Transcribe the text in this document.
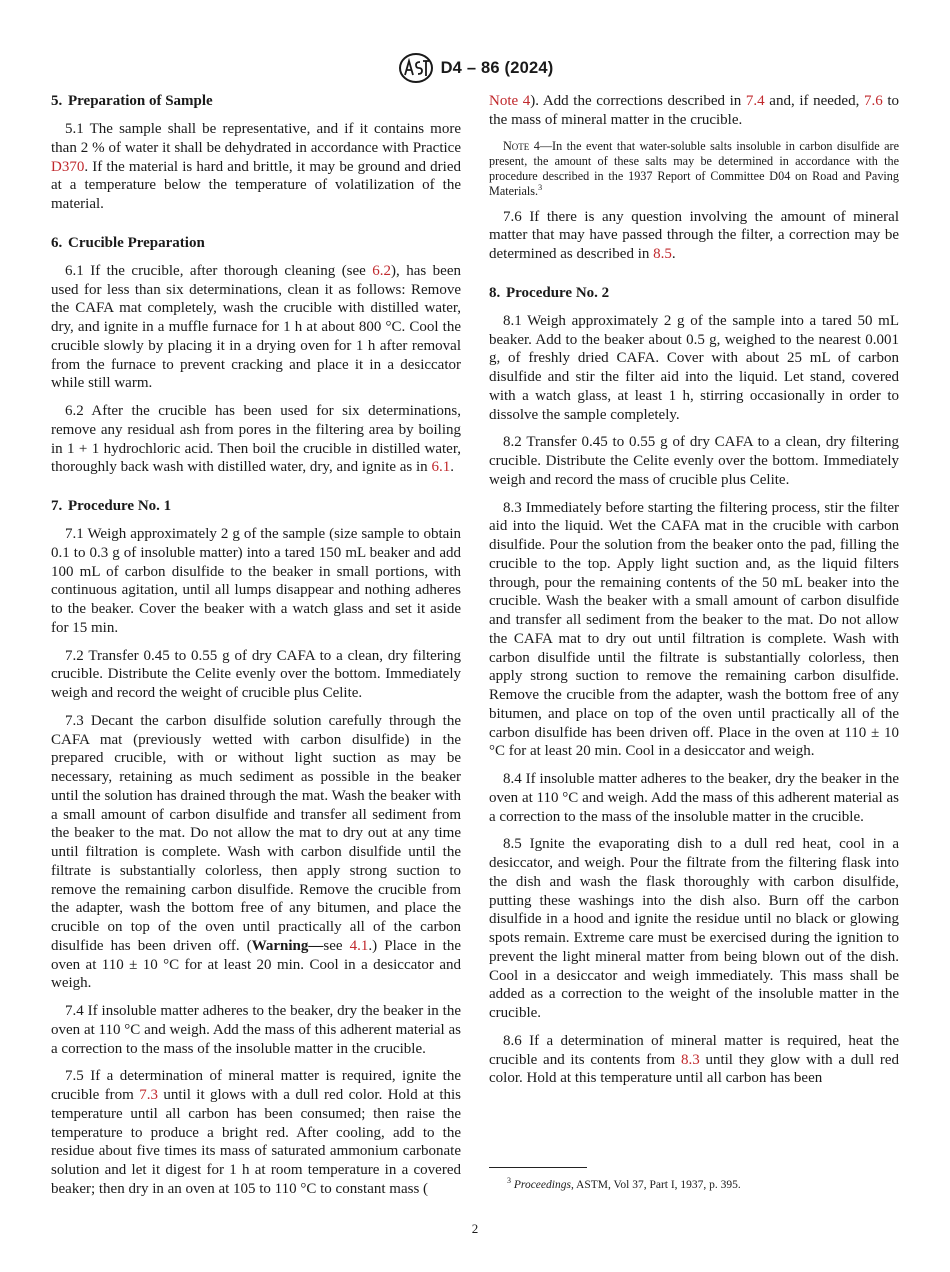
D4 – 86 (2024)
5. Preparation of Sample

5.1 The sample shall be representative, and if it contains more than 2 % of water it shall be dehydrated in accordance with Practice D370. If the material is hard and brittle, it may be ground and dried at a temperature below the temperature of volatilization of the material.

6. Crucible Preparation

6.1 If the crucible, after thorough cleaning (see 6.2), has been used for less than six determinations, clean it as follows: Remove the CAFA mat completely, wash the crucible with distilled water, dry, and ignite in a muffle furnace for 1 h at about 800 °C. Cool the crucible slowly by placing it in a drying oven for 1 h after removal from the furnace to prevent cracking and place it in a desiccator while still warm.

6.2 After the crucible has been used for six determinations, remove any residual ash from pores in the filtering area by boiling in 1 + 1 hydrochloric acid. Then boil the crucible in distilled water, thoroughly back wash with distilled water, dry, and ignite as in 6.1.

7. Procedure No. 1

7.1 Weigh approximately 2 g of the sample (size sample to obtain 0.1 to 0.3 g of insoluble matter) into a tared 150 mL beaker and add 100 mL of carbon disulfide to the beaker in small portions, with continuous agitation, until all lumps disappear and nothing adheres to the beaker. Cover the beaker with a watch glass and set it aside for 15 min.

7.2 Transfer 0.45 to 0.55 g of dry CAFA to a clean, dry filtering crucible. Distribute the Celite evenly over the bottom. Immediately weigh and record the weight of crucible plus Celite.

7.3 Decant the carbon disulfide solution carefully through the CAFA mat (previously wetted with carbon disulfide) in the prepared crucible, with or without light suction as may be necessary, retaining as much sediment as possible in the beaker until the solution has drained through the mat. Wash the beaker with a small amount of carbon disulfide and transfer all sediment from the beaker to the mat. Do not allow the mat to dry out at any time until filtration is complete. Wash with carbon disulfide until the filtrate is substantially colorless, then apply strong suction to remove the remaining carbon disulfide. Remove the crucible from the adapter, wash the bottom free of any bitumen, and place the crucible on top of the oven until practically all of the carbon disulfide has been driven off. (Warning—see 4.1.) Place in the oven at 110 ± 10 °C for at least 20 min. Cool in a desiccator and weigh.

7.4 If insoluble matter adheres to the beaker, dry the beaker in the oven at 110 °C and weigh. Add the mass of this adherent material as a correction to the mass of the insoluble matter in the crucible.

7.5 If a determination of mineral matter is required, ignite the crucible from 7.3 until it glows with a dull red color. Hold at this temperature until all carbon has been consumed; then raise the temperature to produce a bright red. After cooling, add to the residue about five times its mass of saturated ammonium carbonate solution and let it digest for 1 h at room temperature in a covered beaker; then dry in an oven at 105 to 110 °C to constant mass (

Note 4). Add the corrections described in 7.4 and, if needed, 7.6 to the mass of mineral matter in the crucible.

Note 4—In the event that water-soluble salts insoluble in carbon disulfide are present, the amount of these salts may be determined in accordance with the procedure described in the 1937 Report of Committee D04 on Road and Paving Materials.$^3$

7.6 If there is any question involving the amount of mineral matter that may have passed through the filter, a correction may be determined as described in 8.5.

8. Procedure No. 2

8.1 Weigh approximately 2 g of the sample into a tared 50 mL beaker. Add to the beaker about 0.5 g, weighed to the nearest 0.001 g, of freshly dried CAFA. Cover with about 25 mL of carbon disulfide and stir the filter aid into the liquid. Let stand, covered with a watch glass, at least 1 h, stirring occasionally in order to dissolve the sample completely.

8.2 Transfer 0.45 to 0.55 g of dry CAFA to a clean, dry filtering crucible. Distribute the Celite evenly over the bottom. Immediately weigh and record the mass of crucible plus Celite.

8.3 Immediately before starting the filtering process, stir the filter aid into the liquid. Wet the CAFA mat in the crucible with carbon disulfide. Pour the solution from the beaker onto the pad, filling the crucible to the top. Apply light suction and, as the liquid filters through, pour the remaining contents of the 50 mL beaker into the crucible. Wash the beaker with a small amount of carbon disulfide and transfer all sediment from the beaker to the mat. Do not allow the CAFA mat to dry out until filtration is complete. Wash with carbon disulfide until the filtrate is substantially colorless, then apply strong suction to remove the remaining carbon disulfide. Remove the crucible from the adapter, wash the bottom free of any bitumen, and place on top of the oven until practically all of the carbon disulfide has been driven off. Place in the oven at 110 ± 10 °C for at least 20 min. Cool in a desiccator and weigh.

8.4 If insoluble matter adheres to the beaker, dry the beaker in the oven at 110 °C and weigh. Add the mass of this adherent material as a correction to the mass of the insoluble matter in the crucible.

8.5 Ignite the evaporating dish to a dull red heat, cool in a desiccator, and weigh. Pour the filtrate from the filtering flask into the dish and wash the flask thoroughly with carbon disulfide, putting these washings into the dish also. Burn off the carbon disulfide in a hood and ignite the residue until no black or glowing spots remain. Extreme care must be exercised during the ignition to prevent the light mineral matter from being blown out of the dish. Cool in a desiccator and weigh immediately. This mass shall be added as a correction to the weight of the insoluble matter in the crucible.

8.6 If a determination of mineral matter is required, heat the crucible and its contents from 8.3 until they glow with a dull red color. Hold at this temperature until all carbon has been

$^3$ Proceedings, ASTM, Vol 37, Part I, 1937, p. 395.
2
